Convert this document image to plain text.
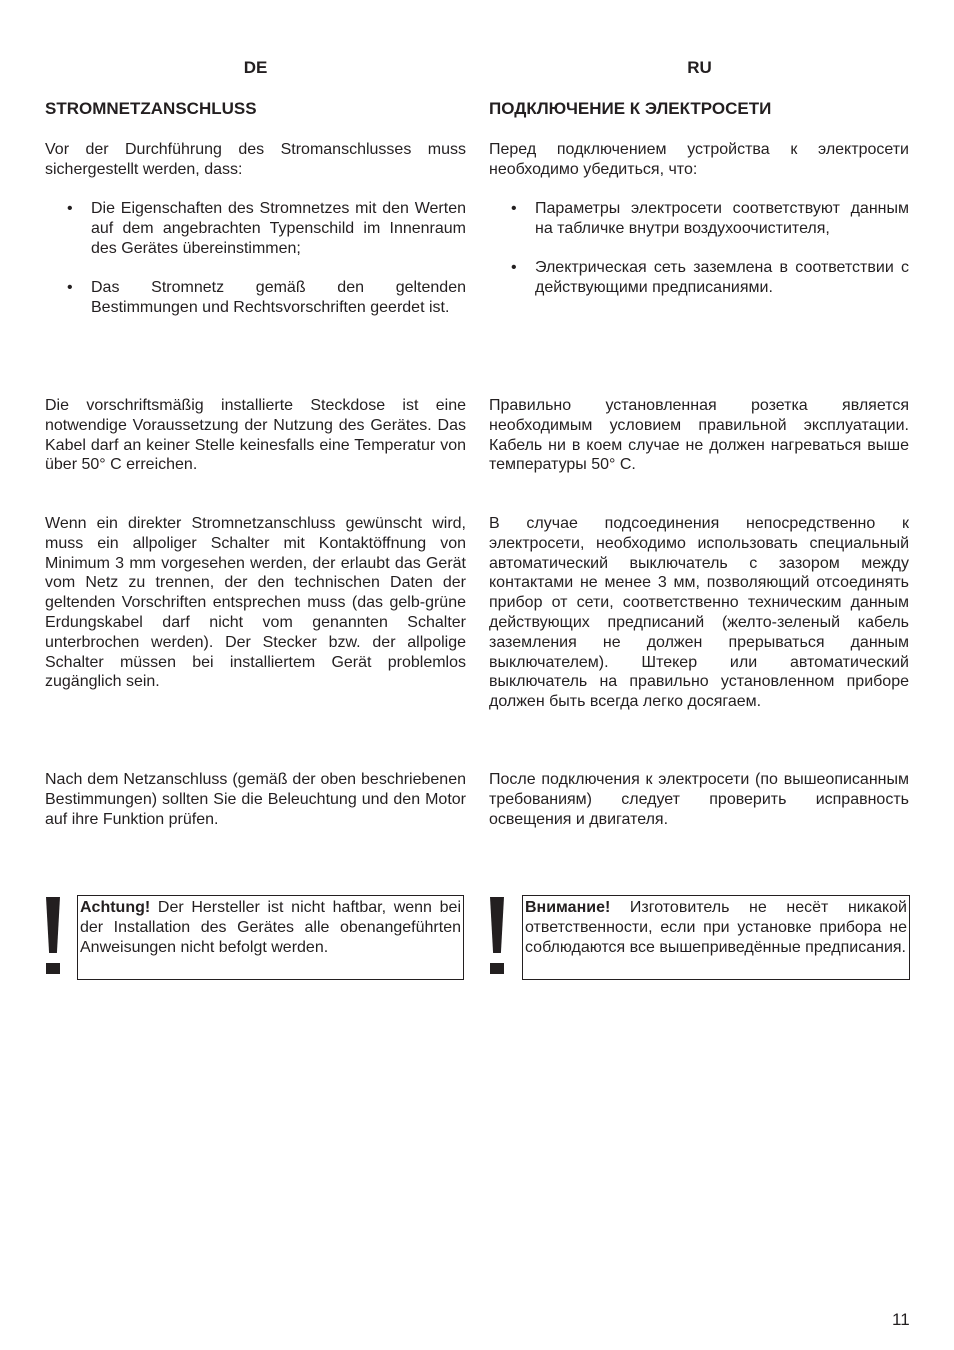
DE
STROMNETZANSCHLUSS

Vor der Durchführung des Stromanschlusses muss sichergestellt werden, dass:

• Die Eigenschaften des Stromnetzes mit den Werten auf dem angebrachten Typenschild im Innenraum des Gerätes übereinstimmen;
• Das Stromnetz gemäß den geltenden Bestimmungen und Rechtsvorschriften geerdet ist.

Die vorschriftsmäßig installierte Steckdose ist eine notwendige Voraussetzung der Nutzung des Gerätes. Das Kabel darf an keiner Stelle keinesfalls eine Temperatur von über 50° C erreichen.

Wenn ein direkter Stromnetzanschluss gewünscht wird, muss ein allpoliger Schalter mit Kontaktöffnung von Minimum 3 mm vorgesehen werden, der erlaubt das Gerät vom Netz zu trennen, der den technischen Daten der geltenden Vorschriften entsprechen muss (das gelb-grüne Erdungskabel darf nicht vom genannten Schalter unterbrochen werden). Der Stecker bzw. der allpolige Schalter müssen bei installiertem Gerät problemlos zugänglich sein.

Nach dem Netzanschluss (gemäß der oben beschriebenen Bestimmungen) sollten Sie die Beleuchtung und den Motor auf ihre Funktion prüfen.

Achtung! Der Hersteller ist nicht haftbar, wenn bei der Installation des Gerätes alle obenangeführten Anweisungen nicht befolgt werden.
RU
ПОДКЛЮЧЕНИЕ К ЭЛЕКТРОСЕТИ

Перед подключением устройства к электросети необходимо убедиться, что:

• Параметры электросети соответствуют данным на табличке внутри воздухоочистителя,
• Электрическая сеть заземлена в соответствии с действующими предписаниями.

Правильно установленная розетка является необходимым условием правильной эксплуатации. Кабель ни в коем случае не должен нагреваться выше температуры 50° C.

В случае подсоединения непосредственно к электросети, необходимо использовать специальный автоматический выключатель с зазором между контактами не менее 3 мм, позволяющий отсоединять прибор от сети, соответственно техническим данным действующих предписаний (желто-зеленый кабель заземления не должен прерываться данным выключателем). Штекер или автоматический выключатель на правильно установленном приборе должен быть всегда легко досягаем.

После подключения к электросети (по вышеописанным требованиям) следует проверить исправность освещения и двигателя.

Внимание! Изготовитель не несёт никакой ответственности, если при установке прибора не соблюдаются все вышеприведённые предписания.
11
